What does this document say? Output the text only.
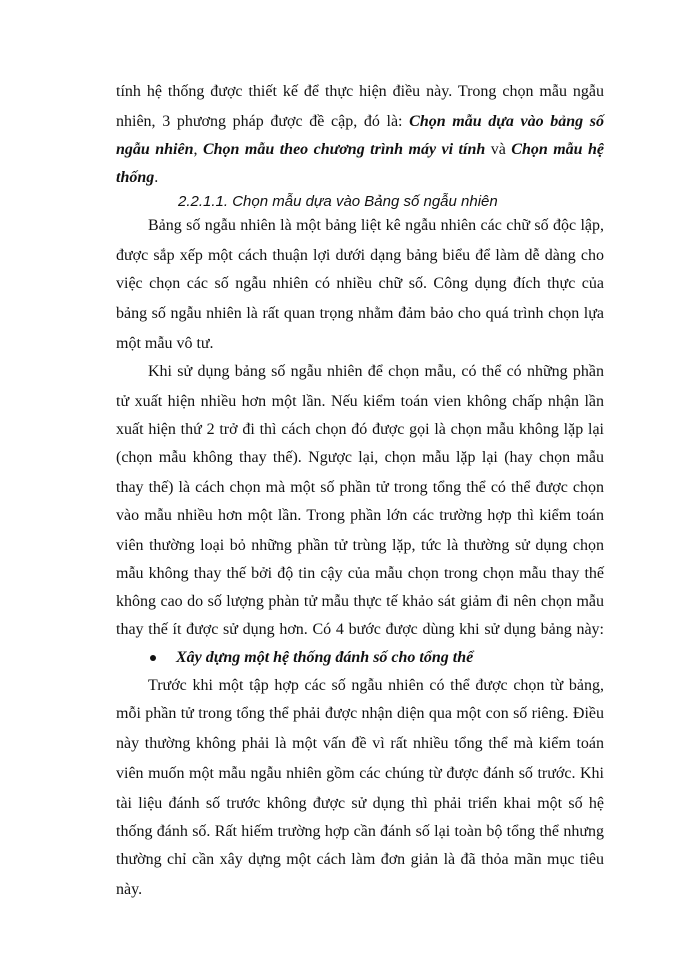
tính hệ thống được thiết kế để thực hiện điều này. Trong chọn mẫu ngẫu
nhiên, 3 phương pháp được đề cập, đó là: Chọn mẫu dựa vào bảng số
ngẫu nhiên, Chọn mẫu theo chương trình máy vi tính và Chọn mẫu hệ
thống.
2.2.1.1. Chọn mẫu dựa vào Bảng số ngẫu nhiên
Bảng số ngẫu nhiên là một bảng liệt kê ngẫu nhiên các chữ số độc lập,
được sắp xếp một cách thuận lợi dưới dạng bảng biểu để làm dễ dàng cho
việc chọn các số ngẫu nhiên có nhiều chữ số. Công dụng đích thực của
bảng số ngẫu nhiên là rất quan trọng nhằm đảm bảo cho quá trình chọn lựa
một mẫu vô tư.
Khi sử dụng bảng số ngẫu nhiên để chọn mẫu, có thể có những phần
tử xuất hiện nhiều hơn một lần. Nếu kiểm toán vien không chấp nhận lần
xuất hiện thứ 2 trở đi thì cách chọn đó được gọi là chọn mẫu không lặp lại
(chọn mẫu không thay thế). Ngược lại, chọn mẫu lặp lại (hay chọn mẫu
thay thế) là cách chọn mà một số phần tử trong tổng thể có thể được chọn
vào mẫu nhiều hơn một lần. Trong phần lớn các trường hợp thì kiểm toán
viên thường loại bỏ những phần tử trùng lặp, tức là thường sử dụng chọn
mẫu không thay thế bởi độ tin cậy của mẫu chọn trong chọn mẫu thay thế
không cao do số lượng phàn tử mẫu thực tế khảo sát giảm đi nên chọn mẫu
thay thế ít được sử dụng hơn. Có 4 bước được dùng khi sử dụng bảng này:
Xây dựng một hệ thống đánh số cho tổng thể
Trước khi một tập hợp các số ngẫu nhiên có thể được chọn từ bảng,
mỗi phần tử trong tổng thể phải được nhận diện qua một con số riêng. Điều
này thường không phải là một vấn đề vì rất nhiều tổng thể mà kiểm toán
viên muốn một mẫu ngẫu nhiên gồm các chúng từ được đánh số trước. Khi
tài liệu đánh số trước không được sử dụng thì phải triển khai một số hệ
thống đánh số. Rất hiếm trường hợp cần đánh số lại toàn bộ tổng thể nhưng
thường chỉ cần xây dựng một cách làm đơn giản là đã thỏa mãn mục tiêu
này.
